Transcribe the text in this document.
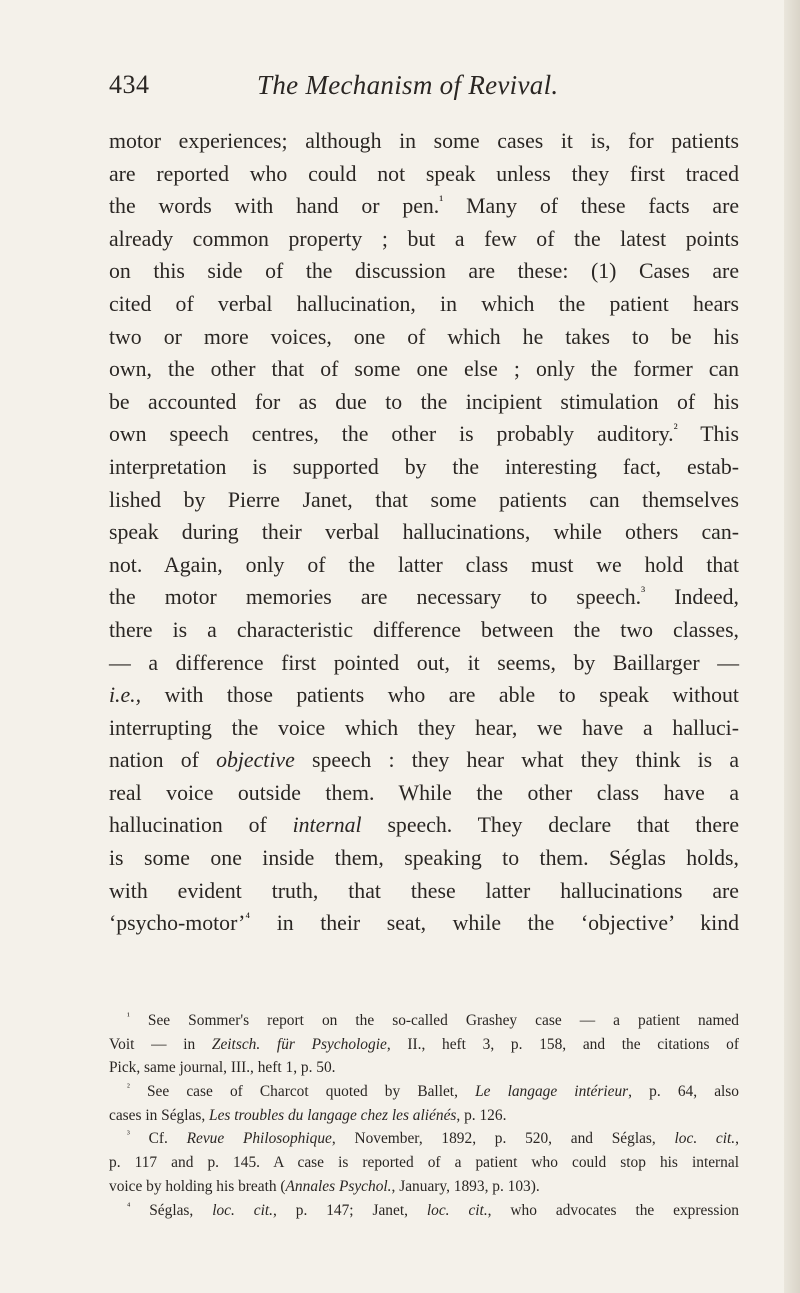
434	The Mechanism of Revival.
motor experiences; although in some cases it is, for patients
are reported who could not speak unless they first traced
the words with hand or pen.$^{^1}$ Many of these facts are
already common property ; but a few of the latest points
on this side of the discussion are these: (1) Cases are
cited of verbal hallucination, in which the patient hears
two or more voices, one of which he takes to be his
own, the other that of some one else ; only the former can
be accounted for as due to the incipient stimulation of his
own speech centres, the other is probably auditory.$^{^2}$ This
interpretation is supported by the interesting fact, estab-
lished by Pierre Janet, that some patients can themselves
speak during their verbal hallucinations, while others can-
not. Again, only of the latter class must we hold that
the motor memories are necessary to speech.$^{^3}$ Indeed,
there is a characteristic difference between the two classes,
— a difference first pointed out, it seems, by Baillarger —
i.e., with those patients who are able to speak without
interrupting the voice which they hear, we have a halluci-
nation of objective speech : they hear what they think is a
real voice outside them. While the other class have a
hallucination of internal speech. They declare that there
is some one inside them, speaking to them. Séglas holds,
with evident truth, that these latter hallucinations are
‘psycho-motor’$^{^4}$ in their seat, while the ‘objective’ kind
$^{^1}$ See Sommer's report on the so-called Grashey case — a patient named
Voit — in Zeitsch. für Psychologie, II., heft 3, p. 158, and the citations of
Pick, same journal, III., heft 1, p. 50.
$^{^2}$ See case of Charcot quoted by Ballet, Le langage intérieur, p. 64, also
cases in Séglas, Les troubles du langage chez les aliénés, p. 126.
$^{^3}$ Cf. Revue Philosophique, November, 1892, p. 520, and Séglas, loc. cit.,
p. 117 and p. 145. A case is reported of a patient who could stop his internal
voice by holding his breath (Annales Psychol., January, 1893, p. 103).
$^{^4}$ Séglas, loc. cit., p. 147; Janet, loc. cit., who advocates the expression
